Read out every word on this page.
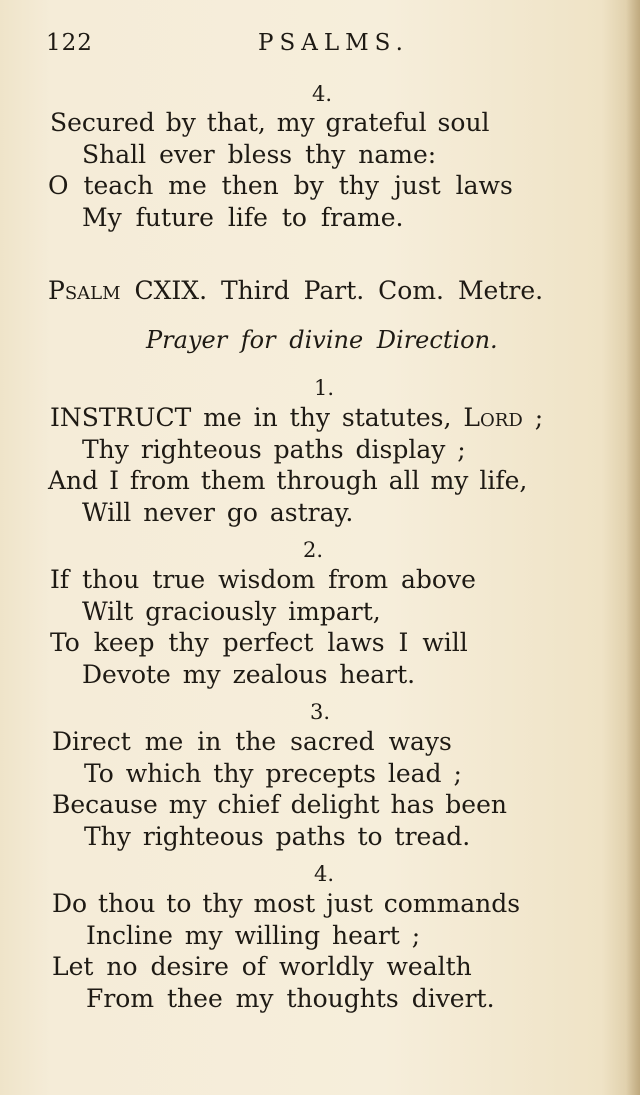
122	PSALMS.
4.
Secured by that, my grateful soul
Shall ever bless thy name:
O teach me then by thy just laws
My future life to frame.
Psalm CXIX. Third Part. Com. Metre.
Prayer for divine Direction.
1.
INSTRUCT me in thy statutes, Lord ;
Thy righteous paths display ;
And I from them through all my life,
Will never go astray.
2.
If thou true wisdom from above
Wilt graciously impart,
To keep thy perfect laws I will
Devote my zealous heart.
3.
Direct me in the sacred ways
To which thy precepts lead ;
Because my chief delight has been
Thy righteous paths to tread.
4.
Do thou to thy most just commands
Incline my willing heart ;
Let no desire of worldly wealth
From thee my thoughts divert.
